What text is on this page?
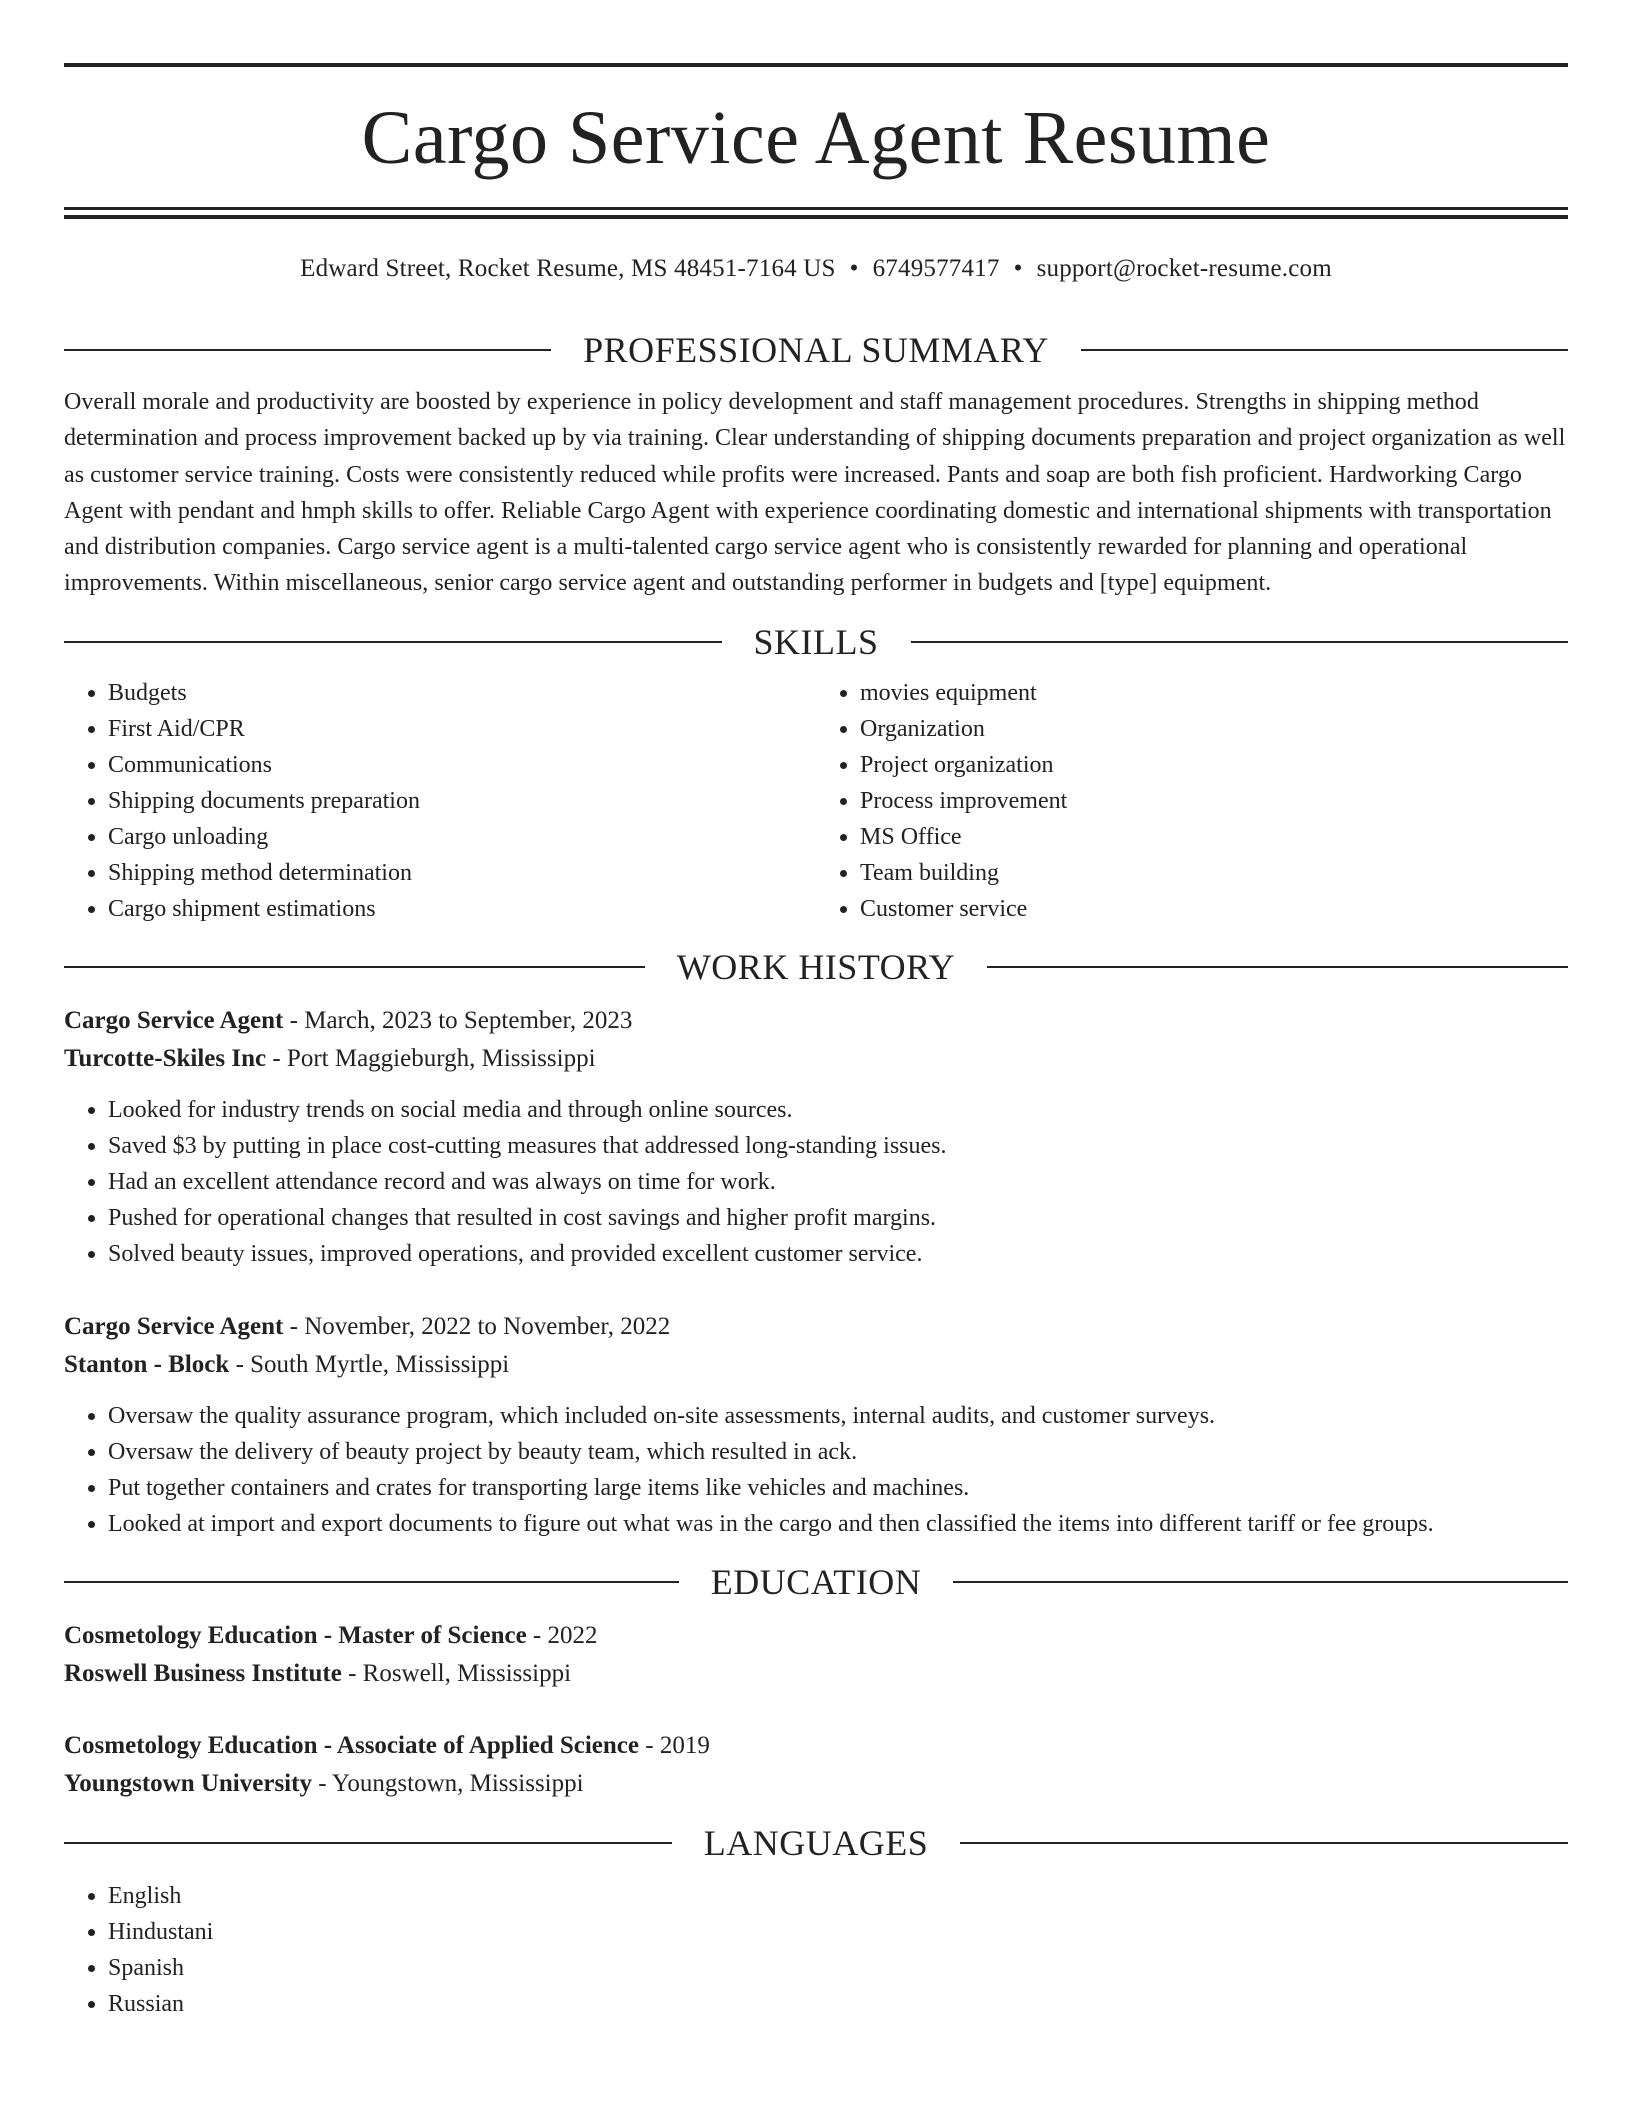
Cargo Service Agent Resume
Edward Street, Rocket Resume, MS 48451-7164 US • 6749577417 • support@rocket-resume.com
PROFESSIONAL SUMMARY

Overall morale and productivity are boosted by experience in policy development and staff management procedures. Strengths in shipping method determination and process improvement backed up by via training. Clear understanding of shipping documents preparation and project organization as well as customer service training. Costs were consistently reduced while profits were increased. Pants and soap are both fish proficient. Hardworking Cargo Agent with pendant and hmph skills to offer. Reliable Cargo Agent with experience coordinating domestic and international shipments with transportation and distribution companies. Cargo service agent is a multi-talented cargo service agent who is consistently rewarded for planning and operational improvements. Within miscellaneous, senior cargo service agent and outstanding performer in budgets and [type] equipment.

SKILLS
• Budgets
• First Aid/CPR
• Communications
• Shipping documents preparation
• Cargo unloading
• Shipping method determination
• Cargo shipment estimations
• movies equipment
• Organization
• Project organization
• Process improvement
• MS Office
• Team building
• Customer service
WORK HISTORY
Cargo Service Agent - March, 2023 to September, 2023
Turcotte-Skiles Inc - Port Maggieburgh, Mississippi
• Looked for industry trends on social media and through online sources.
• Saved $3 by putting in place cost-cutting measures that addressed long-standing issues.
• Had an excellent attendance record and was always on time for work.
• Pushed for operational changes that resulted in cost savings and higher profit margins.
• Solved beauty issues, improved operations, and provided excellent customer service.
Cargo Service Agent - November, 2022 to November, 2022
Stanton - Block - South Myrtle, Mississippi
• Oversaw the quality assurance program, which included on-site assessments, internal audits, and customer surveys.
• Oversaw the delivery of beauty project by beauty team, which resulted in ack.
• Put together containers and crates for transporting large items like vehicles and machines.
• Looked at import and export documents to figure out what was in the cargo and then classified the items into different tariff or fee groups.
EDUCATION
Cosmetology Education - Master of Science - 2022
Roswell Business Institute - Roswell, Mississippi
Cosmetology Education - Associate of Applied Science - 2019
Youngstown University - Youngstown, Mississippi
LANGUAGES
• English
• Hindustani
• Spanish
• Russian
